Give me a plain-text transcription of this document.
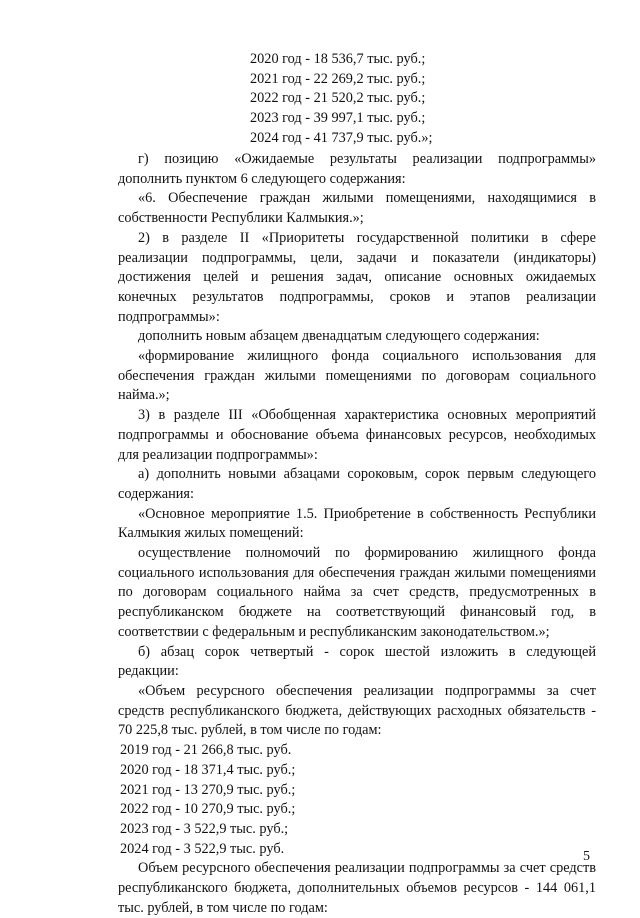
2020 год - 18 536,7 тыс. руб.;
2021 год - 22 269,2 тыс. руб.;
2022 год - 21 520,2 тыс. руб.;
2023 год - 39 997,1 тыс. руб.;
2024 год - 41 737,9 тыс. руб.»;

г) позицию «Ожидаемые результаты реализации подпрограммы» дополнить пунктом 6 следующего содержания:

«6. Обеспечение граждан жилыми помещениями, находящимися в собственности Республики Калмыкия.»;

2) в разделе II «Приоритеты государственной политики в сфере реализации подпрограммы, цели, задачи и показатели (индикаторы) достижения целей и решения задач, описание основных ожидаемых конечных результатов подпрограммы, сроков и этапов реализации подпрограммы»:

дополнить новым абзацем двенадцатым следующего содержания:

«формирование жилищного фонда социального использования для обеспечения граждан жилыми помещениями по договорам социального найма.»;

3) в разделе III «Обобщенная характеристика основных мероприятий подпрограммы и обоснование объема финансовых ресурсов, необходимых для реализации подпрограммы»:

а) дополнить новыми абзацами сороковым, сорок первым следующего содержания:

«Основное мероприятие 1.5. Приобретение в собственность Республики Калмыкия жилых помещений:

осуществление полномочий по формированию жилищного фонда социального использования для обеспечения граждан жилыми помещениями по договорам социального найма за счет средств, предусмотренных в республиканском бюджете на соответствующий финансовый год, в соответствии с федеральным и республиканским законодательством.»;

б) абзац сорок четвертый - сорок шестой изложить в следующей редакции:

«Объем ресурсного обеспечения реализации подпрограммы за счет средств республиканского бюджета, действующих расходных обязательств - 70 225,8 тыс. рублей, в том числе по годам:

2019 год - 21 266,8 тыс. руб.
2020 год - 18 371,4 тыс. руб.;
2021 год - 13 270,9 тыс. руб.;
2022 год - 10 270,9 тыс. руб.;
2023 год - 3 522,9 тыс. руб.;
2024 год - 3 522,9 тыс. руб.

Объем ресурсного обеспечения реализации подпрограммы за счет средств республиканского бюджета, дополнительных объемов ресурсов - 144 061,1 тыс. рублей, в том числе по годам:

5
